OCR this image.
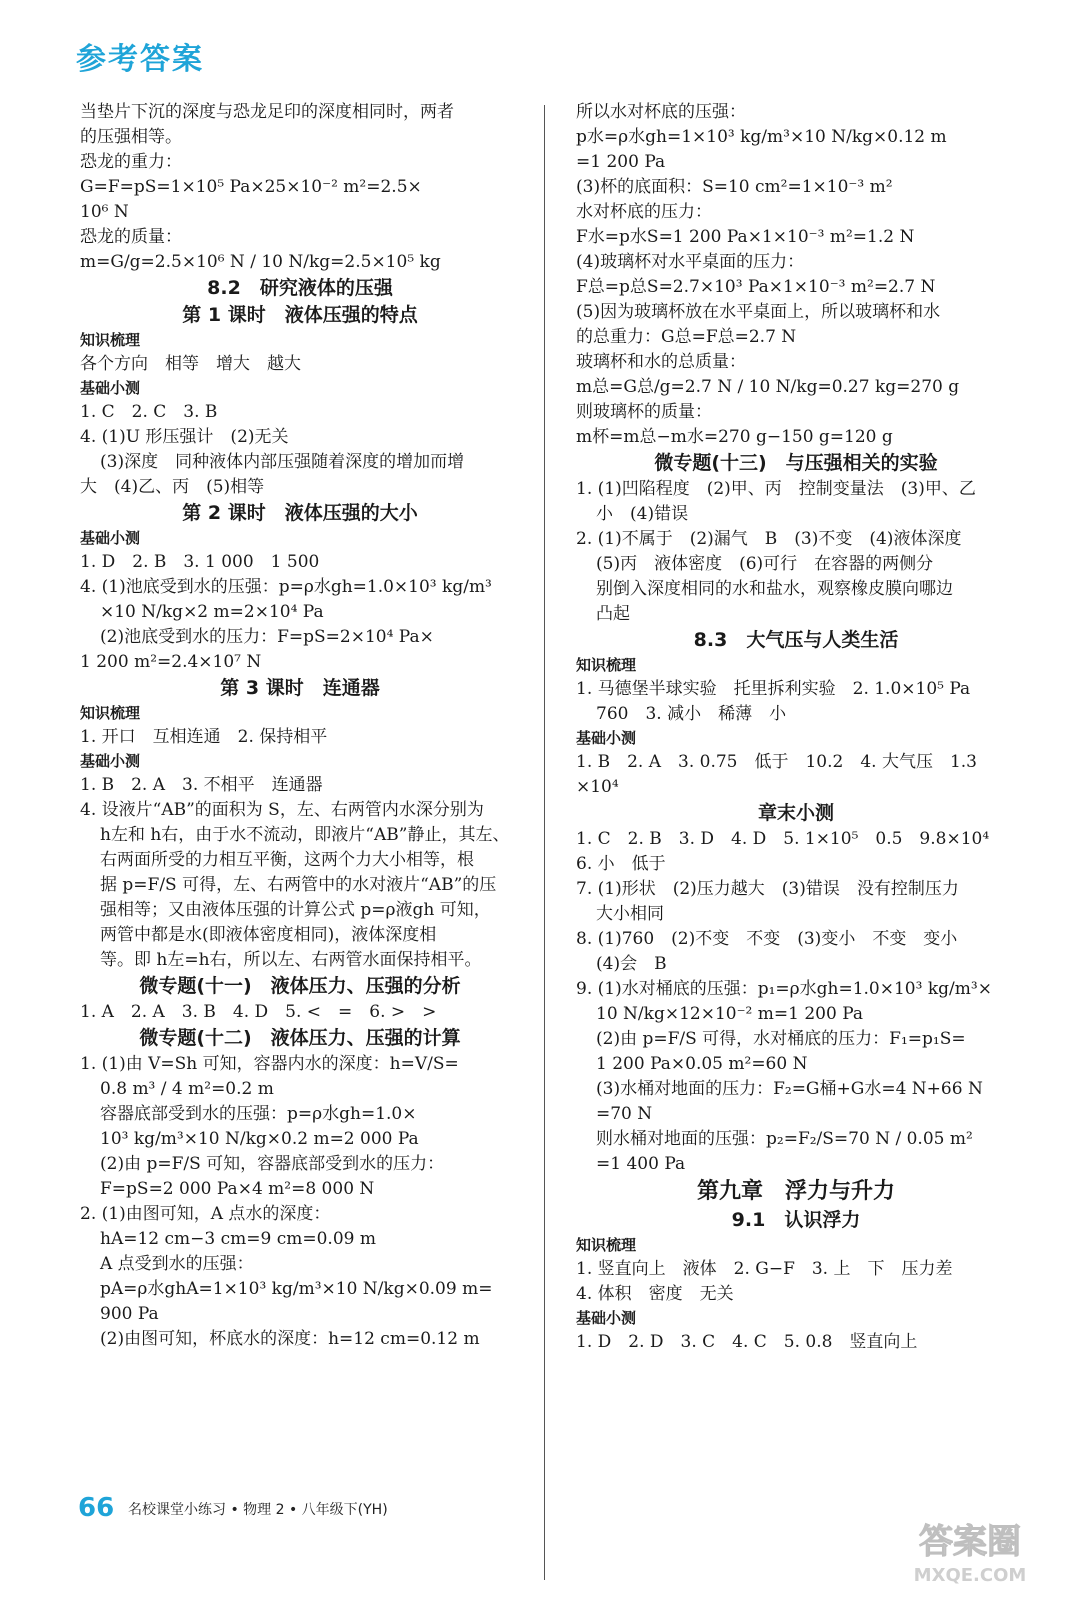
参考答案
当垫片下沉的深度与恐龙足印的深度相同时，两者
的压强相等。
恐龙的重力：
G=F=pS=1×10⁵ Pa×25×10⁻² m²=2.5×
10⁶ N
恐龙的质量：
m=G/g=2.5×10⁶ N / 10 N/kg=2.5×10⁵ kg
8.2　研究液体的压强
第 1 课时　液体压强的特点
知识梳理
各个方向　相等　增大　越大
基础小测
1. C　2. C　3. B
4. (1)U 形压强计　(2)无关
(3)深度　同种液体内部压强随着深度的增加而增
大　(4)乙、丙　(5)相等
第 2 课时　液体压强的大小
基础小测
1. D　2. B　3. 1 000　1 500
4. (1)池底受到水的压强：p=ρ水gh=1.0×10³ kg/m³
×10 N/kg×2 m=2×10⁴ Pa
(2)池底受到水的压力：F=pS=2×10⁴ Pa×
1 200 m²=2.4×10⁷ N
第 3 课时　连通器
知识梳理
1. 开口　互相连通　2. 保持相平
基础小测
1. B　2. A　3. 不相平　连通器
4. 设液片“AB”的面积为 S，左、右两管内水深分别为
h左和 h右，由于水不流动，即液片“AB”静止，其左、
右两面所受的力相互平衡，这两个力大小相等，根
据 p=F/S 可得，左、右两管中的水对液片“AB”的压
强相等；又由液体压强的计算公式 p=ρ液gh 可知，
两管中都是水(即液体密度相同)，液体深度相
等。即 h左=h右，所以左、右两管水面保持相平。
微专题(十一)　液体压力、压强的分析
1. A　2. A　3. B　4. D　5. <　=　6. >　>
微专题(十二)　液体压力、压强的计算
1. (1)由 V=Sh 可知，容器内水的深度：h=V/S=
0.8 m³ / 4 m²=0.2 m
容器底部受到水的压强：p=ρ水gh=1.0×
10³ kg/m³×10 N/kg×0.2 m=2 000 Pa
(2)由 p=F/S 可知，容器底部受到水的压力：
F=pS=2 000 Pa×4 m²=8 000 N
2. (1)由图可知，A 点水的深度：
hA=12 cm−3 cm=9 cm=0.09 m
A 点受到水的压强：
pA=ρ水ghA=1×10³ kg/m³×10 N/kg×0.09 m=
900 Pa
(2)由图可知，杯底水的深度：h=12 cm=0.12 m
所以水对杯底的压强：
p水=ρ水gh=1×10³ kg/m³×10 N/kg×0.12 m
=1 200 Pa
(3)杯的底面积：S=10 cm²=1×10⁻³ m²
水对杯底的压力：
F水=p水S=1 200 Pa×1×10⁻³ m²=1.2 N
(4)玻璃杯对水平桌面的压力：
F总=p总S=2.7×10³ Pa×1×10⁻³ m²=2.7 N
(5)因为玻璃杯放在水平桌面上，所以玻璃杯和水
的总重力：G总=F总=2.7 N
玻璃杯和水的总质量：
m总=G总/g=2.7 N / 10 N/kg=0.27 kg=270 g
则玻璃杯的质量：
m杯=m总−m水=270 g−150 g=120 g
微专题(十三)　与压强相关的实验
1. (1)凹陷程度　(2)甲、丙　控制变量法　(3)甲、乙
小　(4)错误
2. (1)不属于　(2)漏气　B　(3)不变　(4)液体深度
(5)丙　液体密度　(6)可行　在容器的两侧分
别倒入深度相同的水和盐水，观察橡皮膜向哪边
凸起
8.3　大气压与人类生活
知识梳理
1. 马德堡半球实验　托里拆利实验　2. 1.0×10⁵ Pa
760　3. 减小　稀薄　小
基础小测
1. B　2. A　3. 0.75　低于　10.2　4. 大气压　1.3
×10⁴
章末小测
1. C　2. B　3. D　4. D　5. 1×10⁵　0.5　9.8×10⁴
6. 小　低于
7. (1)形状　(2)压力越大　(3)错误　没有控制压力
大小相同
8. (1)760　(2)不变　不变　(3)变小　不变　变小
(4)会　B
9. (1)水对桶底的压强：p₁=ρ水gh=1.0×10³ kg/m³×
10 N/kg×12×10⁻² m=1 200 Pa
(2)由 p=F/S 可得，水对桶底的压力：F₁=p₁S=
1 200 Pa×0.05 m²=60 N
(3)水桶对地面的压力：F₂=G桶+G水=4 N+66 N
=70 N
则水桶对地面的压强：p₂=F₂/S=70 N / 0.05 m²
=1 400 Pa
第九章　浮力与升力
9.1　认识浮力
知识梳理
1. 竖直向上　液体　2. G−F　3. 上　下　压力差
4. 体积　密度　无关
基础小测
1. D　2. D　3. C　4. C　5. 0.8　竖直向上
66 名校课堂小练习 • 物理 2 • 八年级下(YH)
答案圈
MXQE.COM
